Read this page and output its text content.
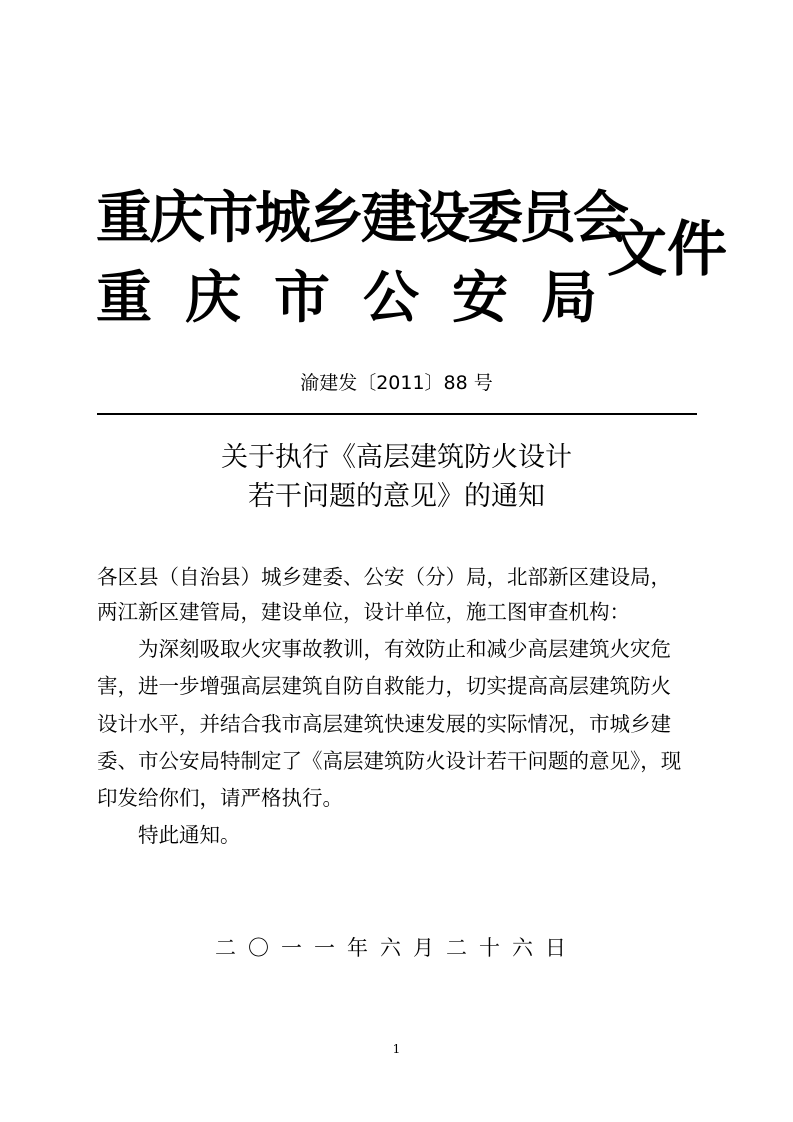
重庆市城乡建设委员会
重庆市公安局
文件
渝建发〔2011〕88 号
关于执行《高层建筑防火设计
若干问题的意见》的通知
各区县（自治县）城乡建委、公安（分）局，北部新区建设局，
两江新区建管局，建设单位，设计单位，施工图审查机构：
为深刻吸取火灾事故教训，有效防止和减少高层建筑火灾危
害，进一步增强高层建筑自防自救能力，切实提高高层建筑防火
设计水平，并结合我市高层建筑快速发展的实际情况，市城乡建
委、市公安局特制定了《高层建筑防火设计若干问题的意见》，现
印发给你们，请严格执行。
特此通知。
二〇一一年六月二十六日
1
